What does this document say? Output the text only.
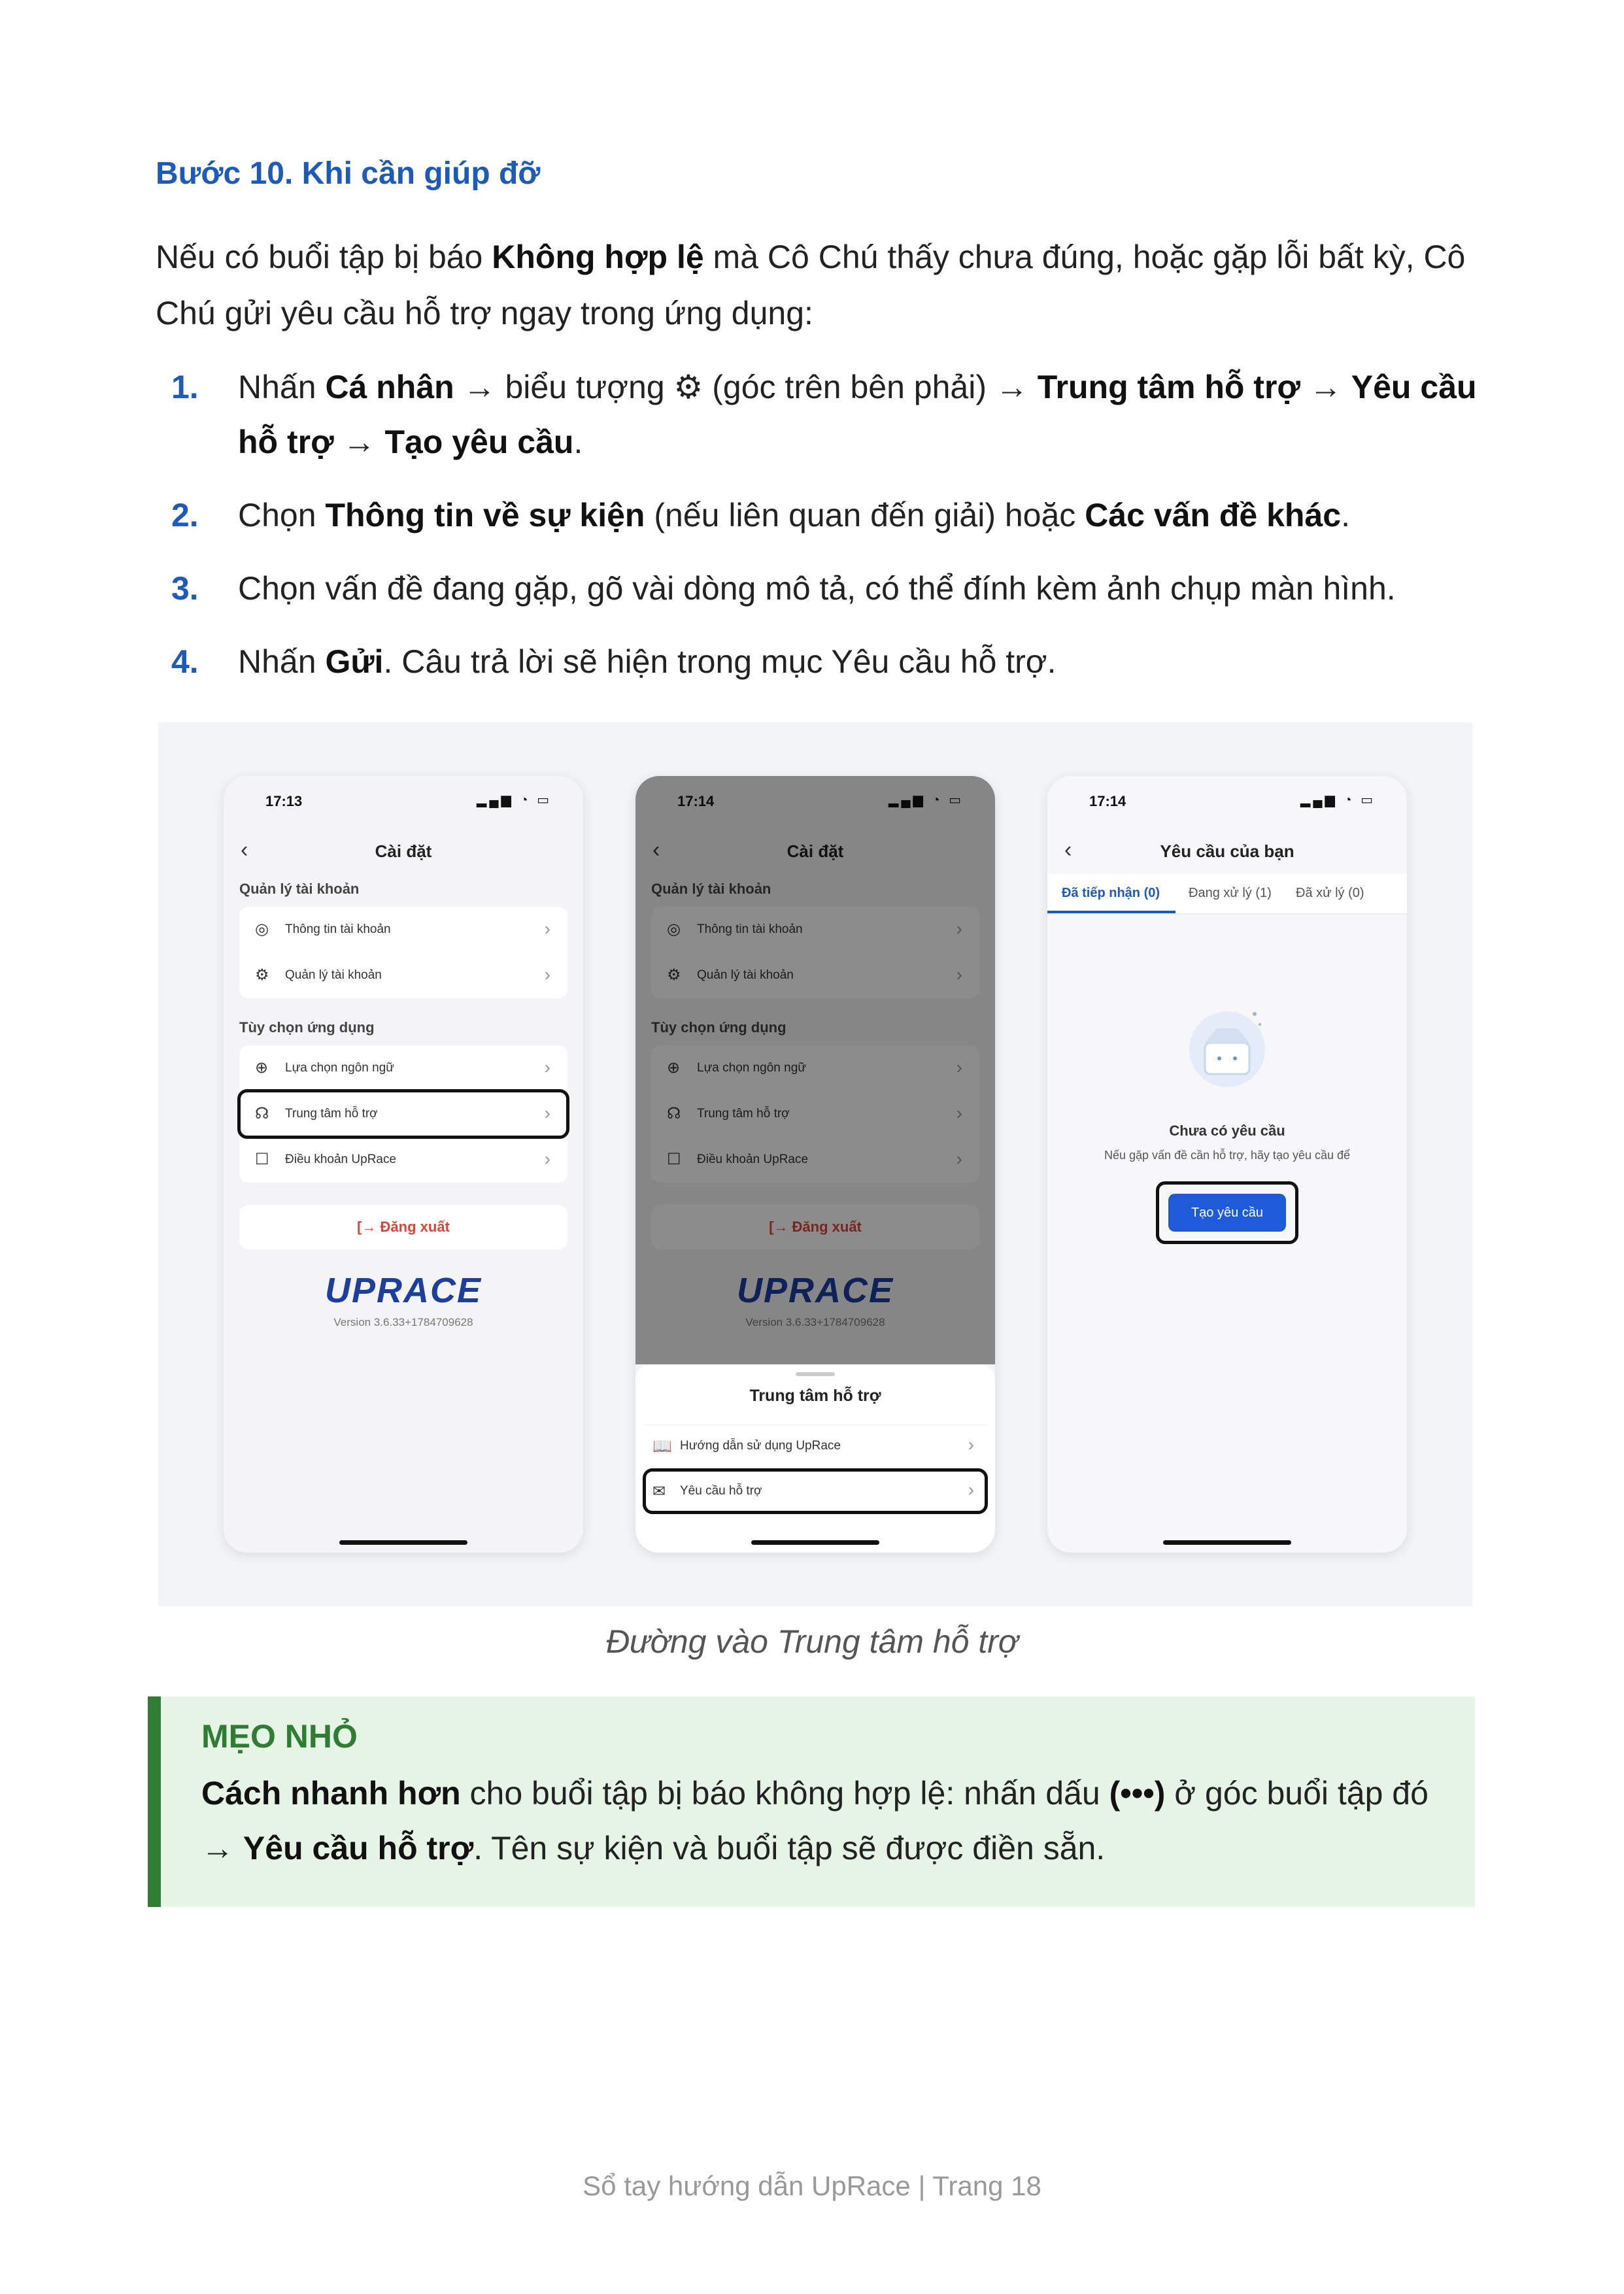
Bước 10. Khi cần giúp đỡ
Nếu có buổi tập bị báo Không hợp lệ mà Cô Chú thấy chưa đúng, hoặc gặp lỗi bất kỳ, Cô Chú gửi yêu cầu hỗ trợ ngay trong ứng dụng:
1. Nhấn Cá nhân → biểu tượng ⚙ (góc trên bên phải) → Trung tâm hỗ trợ → Yêu cầu hỗ trợ → Tạo yêu cầu.
2. Chọn Thông tin về sự kiện (nếu liên quan đến giải) hoặc Các vấn đề khác.
3. Chọn vấn đề đang gặp, gõ vài dòng mô tả, có thể đính kèm ảnh chụp màn hình.
4. Nhấn Gửi. Câu trả lời sẽ hiện trong mục Yêu cầu hỗ trợ.
17:13	▂▄▆ ◔ ▭
‹	Cài đặt
Quản lý tài khoản
◎ Thông tin tài khoản	›
⚙ Quản lý tài khoản	›
Tùy chọn ứng dụng
⊕ Lựa chọn ngôn ngữ	›
☊ Trung tâm hỗ trợ	›
☐ Điều khoản UpRace	›
[→ Đăng xuất
UPRACE
Version 3.6.33+1784709628
17:14	▂▄▆ ◔ ▭
‹	Cài đặt
Quản lý tài khoản
◎ Thông tin tài khoản	›
⚙ Quản lý tài khoản	›
Tùy chọn ứng dụng
⊕ Lựa chọn ngôn ngữ	›
☊ Trung tâm hỗ trợ	›
☐ Điều khoản UpRace	›
[→ Đăng xuất
UPRACE
Version 3.6.33+1784709628
Trung tâm hỗ trợ
📖 Hướng dẫn sử dụng UpRace	›
✉ Yêu cầu hỗ trợ	›
17:14	▂▄▆ ◔ ▭
‹	Yêu cầu của bạn
Đã tiếp nhận (0) Đang xử lý (1) Đã xử lý (0)
Chưa có yêu cầu
Nếu gặp vấn đề cần hỗ trợ, hãy tạo yêu cầu để
Tạo yêu cầu
Đường vào Trung tâm hỗ trợ
MẸO NHỎ
Cách nhanh hơn cho buổi tập bị báo không hợp lệ: nhấn dấu (•••) ở góc buổi tập đó → Yêu cầu hỗ trợ. Tên sự kiện và buổi tập sẽ được điền sẵn.
Sổ tay hướng dẫn UpRace | Trang 18
